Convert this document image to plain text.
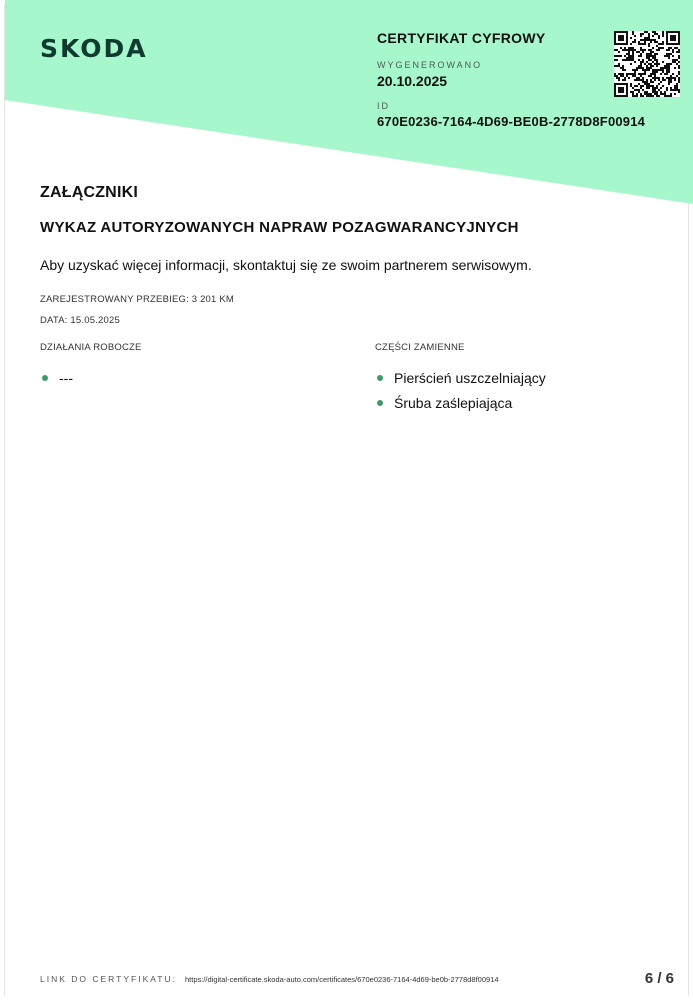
SKODA	CERTYFIKAT CYFROWY
WYGENEROWANO
20.10.2025
ID
670E0236-7164-4D69-BE0B-2778D8F00914
ZAŁĄCZNIKI
WYKAZ AUTORYZOWANYCH NAPRAW POZAGWARANCYJNYCH
Aby uzyskać więcej informacji, skontaktuj się ze swoim partnerem serwisowym.
ZAREJESTROWANY PRZEBIEG: 3 201 KM
DATA: 15.05.2025
DZIAŁANIA ROBOCZE
---
CZĘŚCI ZAMIENNE
Pierścień uszczelniający
Śruba zaślepiająca
LINK DO CERTYFIKATU: https://digital-certificate.skoda-auto.com/certificates/670e0236-7164-4d69-be0b-2778d8f00914	6 / 6
